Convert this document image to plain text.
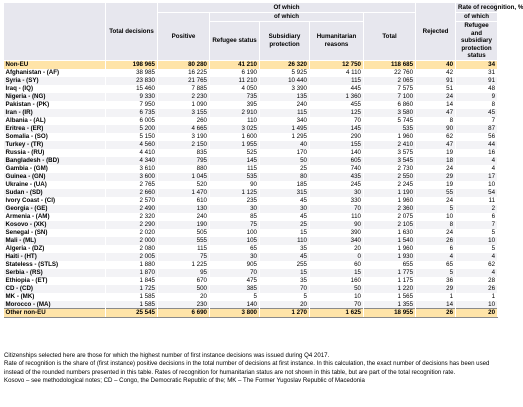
	Total decisions	Of which					Rejected	Rate of recognition, %
		Positive	of which			Total		of which
			Refugee status	Subsidiary protection	Humanitarian reasons			Refugee and subsidiary protection status
Non-EU	198 965	80 280	41 210	26 320	12 750	118 685	40	34
Afghanistan - (AF)	38 985	16 225	6 190	5 925	4 110	22 760	42	31
Syria - (SY)	23 830	21 765	11 210	10 440	115	2 065	91	91
Iraq - (IQ)	15 460	7 885	4 050	3 390	445	7 575	51	48
Nigeria - (NG)	9 330	2 230	735	135	1 360	7 100	24	9
Pakistan - (PK)	7 950	1 090	395	240	455	6 860	14	8
Iran - (IR)	6 735	3 155	2 910	115	125	3 580	47	45
Albania - (AL)	6 005	260	110	340	70	5 745	8	7
Eritrea - (ER)	5 200	4 665	3 025	1 495	145	535	90	87
Somalia - (SO)	5 150	3 190	1 600	1 295	290	1 960	62	56
Turkey - (TR)	4 560	2 150	1 955	40	155	2 410	47	44
Russia - (RU)	4 410	835	525	170	140	3 575	19	16
Bangladesh - (BD)	4 340	795	145	50	605	3 545	18	4
Gambia - (GM)	3 610	880	115	25	740	2 730	24	4
Guinea - (GN)	3 600	1 045	535	80	435	2 550	29	17
Ukraine - (UA)	2 765	520	90	185	245	2 245	19	10
Sudan - (SD)	2 660	1 470	1 125	315	30	1 190	55	54
Ivory Coast - (CI)	2 570	610	235	45	330	1 960	24	11
Georgia - (GE)	2 490	130	30	30	70	2 360	5	2
Armenia - (AM)	2 320	240	85	45	110	2 075	10	6
Kosovo - (XK)	2 290	190	75	25	90	2 105	8	7
Senegal - (SN)	2 020	505	100	15	390	1 630	24	5
Mali - (ML)	2 000	555	105	110	340	1 540	26	10
Algeria - (DZ)	2 080	115	65	35	20	1 960	6	5
Haiti - (HT)	2 005	75	30	45	0	1 930	4	4
Stateless - (STLS)	1 880	1 225	905	255	60	655	65	62
Serbia - (RS)	1 870	95	70	15	15	1 775	5	4
Ethiopia - (ET)	1 845	670	475	35	160	1 175	36	28
CD - (CD)	1 725	500	385	70	50	1 220	29	26
MK - (MK)	1 585	20	5	5	10	1 565	1	1
Morocco - (MA)	1 585	230	140	20	70	1 355	14	10
Other non-EU	25 545	6 690	3 800	1 270	1 625	18 955	26	20

Citizenships selected here are those for which the highest number of first instance decisions was issued during Q4 2017.

Rate of recognition is the share of (first instance) positive decisions in the total number of decisions at first instance. In this calculation, the exact number of decisions has been used instead of the rounded numbers presented in this table. Rates of recognition for humanitarian status are not shown in this table, but are part of the total recognition rate.

Kosovo – see methodological notes; CD – Congo, the Democratic Republic of the; MK – The Former Yugoslav Republic of Macedonia
